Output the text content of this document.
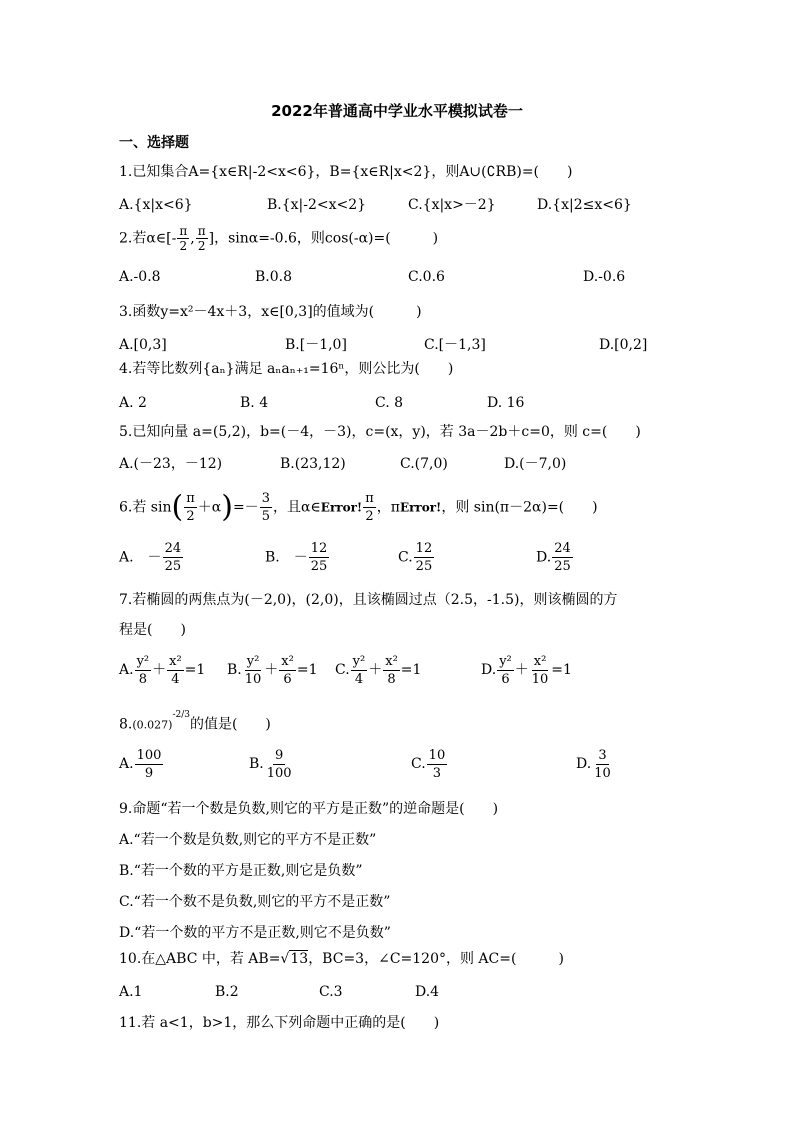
2022年普通高中学业水平模拟试卷一
一、选择题
1.已知集合A={x∈R|-2<x<6}，B={x∈R|x<2}，则A∪(∁RB)=(　　)
A.{x|x<6}	B.{x|-2<x<2}	C.{x|x>－2}	D.{x|2≤x<6}
2.若α∈[- $\frac{\pi}{2}$ , $\frac{\pi}{2}$ ]，sinα=-0.6，则cos(-α)=(　　　)
A.-0.8	B.0.8	C.0.6	D.-0.6
3.函数y=x²－4x＋3，x∈[0,3]的值域为(　　　)
A.[0,3]	B.[－1,0]	C.[－1,3]	D.[0,2]
4.若等比数列{aₙ}满足 aₙaₙ₊₁=16ⁿ，则公比为(　　)
A. 2	B. 4	C. 8	D. 16
5.已知向量 a=(5,2)，b=(－4，－3)，c=(x，y)，若 3a－2b＋c=0，则 c=(　　)
A.(－23，－12)	B.(23,12)	C.(7,0)	D.(－7,0)
6.若 $\sin( \frac{\pi}{2} +\alpha)=- \frac{3}{5}$ ，且α∈Error! $\frac{\pi}{2}$ ，πError!，则 sin(π－2α)=(　　)
A.　－ $\frac{24}{25}$	B.　－ $\frac{12}{25}$	C. $\frac{12}{25}$	D. $\frac{24}{25}$
7.若椭圆的两焦点为(－2,0)，(2,0)，且该椭圆过点（2.5，-1.5)，则该椭圆的方
程是(　　)
A. $\frac{\text{y²}}{8} + \frac{\text{x²}}{4} =1$ B. $\frac{\text{y²}}{10} + \frac{\text{x²}}{6} =1$ C. $\frac{\text{y²}}{4} + \frac{\text{x²}}{8} =1$	D. $\frac{\text{y²}}{6} + \frac{\text{x²}}{10} =1$
$8.(0.027)^{-2/3}$的值是(　　)
A. $\frac{100}{9}$	B. $\frac{9}{100}$	C. $\frac{10}{3}$	D. $\frac{3}{10}$
9.命题“若一个数是负数,则它的平方是正数”的逆命题是(　　)
A.“若一个数是负数,则它的平方不是正数”
B.“若一个数的平方是正数,则它是负数”
C.“若一个数不是负数,则它的平方不是正数”
D.“若一个数的平方不是正数,则它不是负数”
10.在△ABC 中，若 AB=√13，BC=3，∠C=120°，则 AC=(　　　)
A.1	B.2	C.3	D.4
11.若 a<1，b>1，那么下列命题中正确的是(　　)
